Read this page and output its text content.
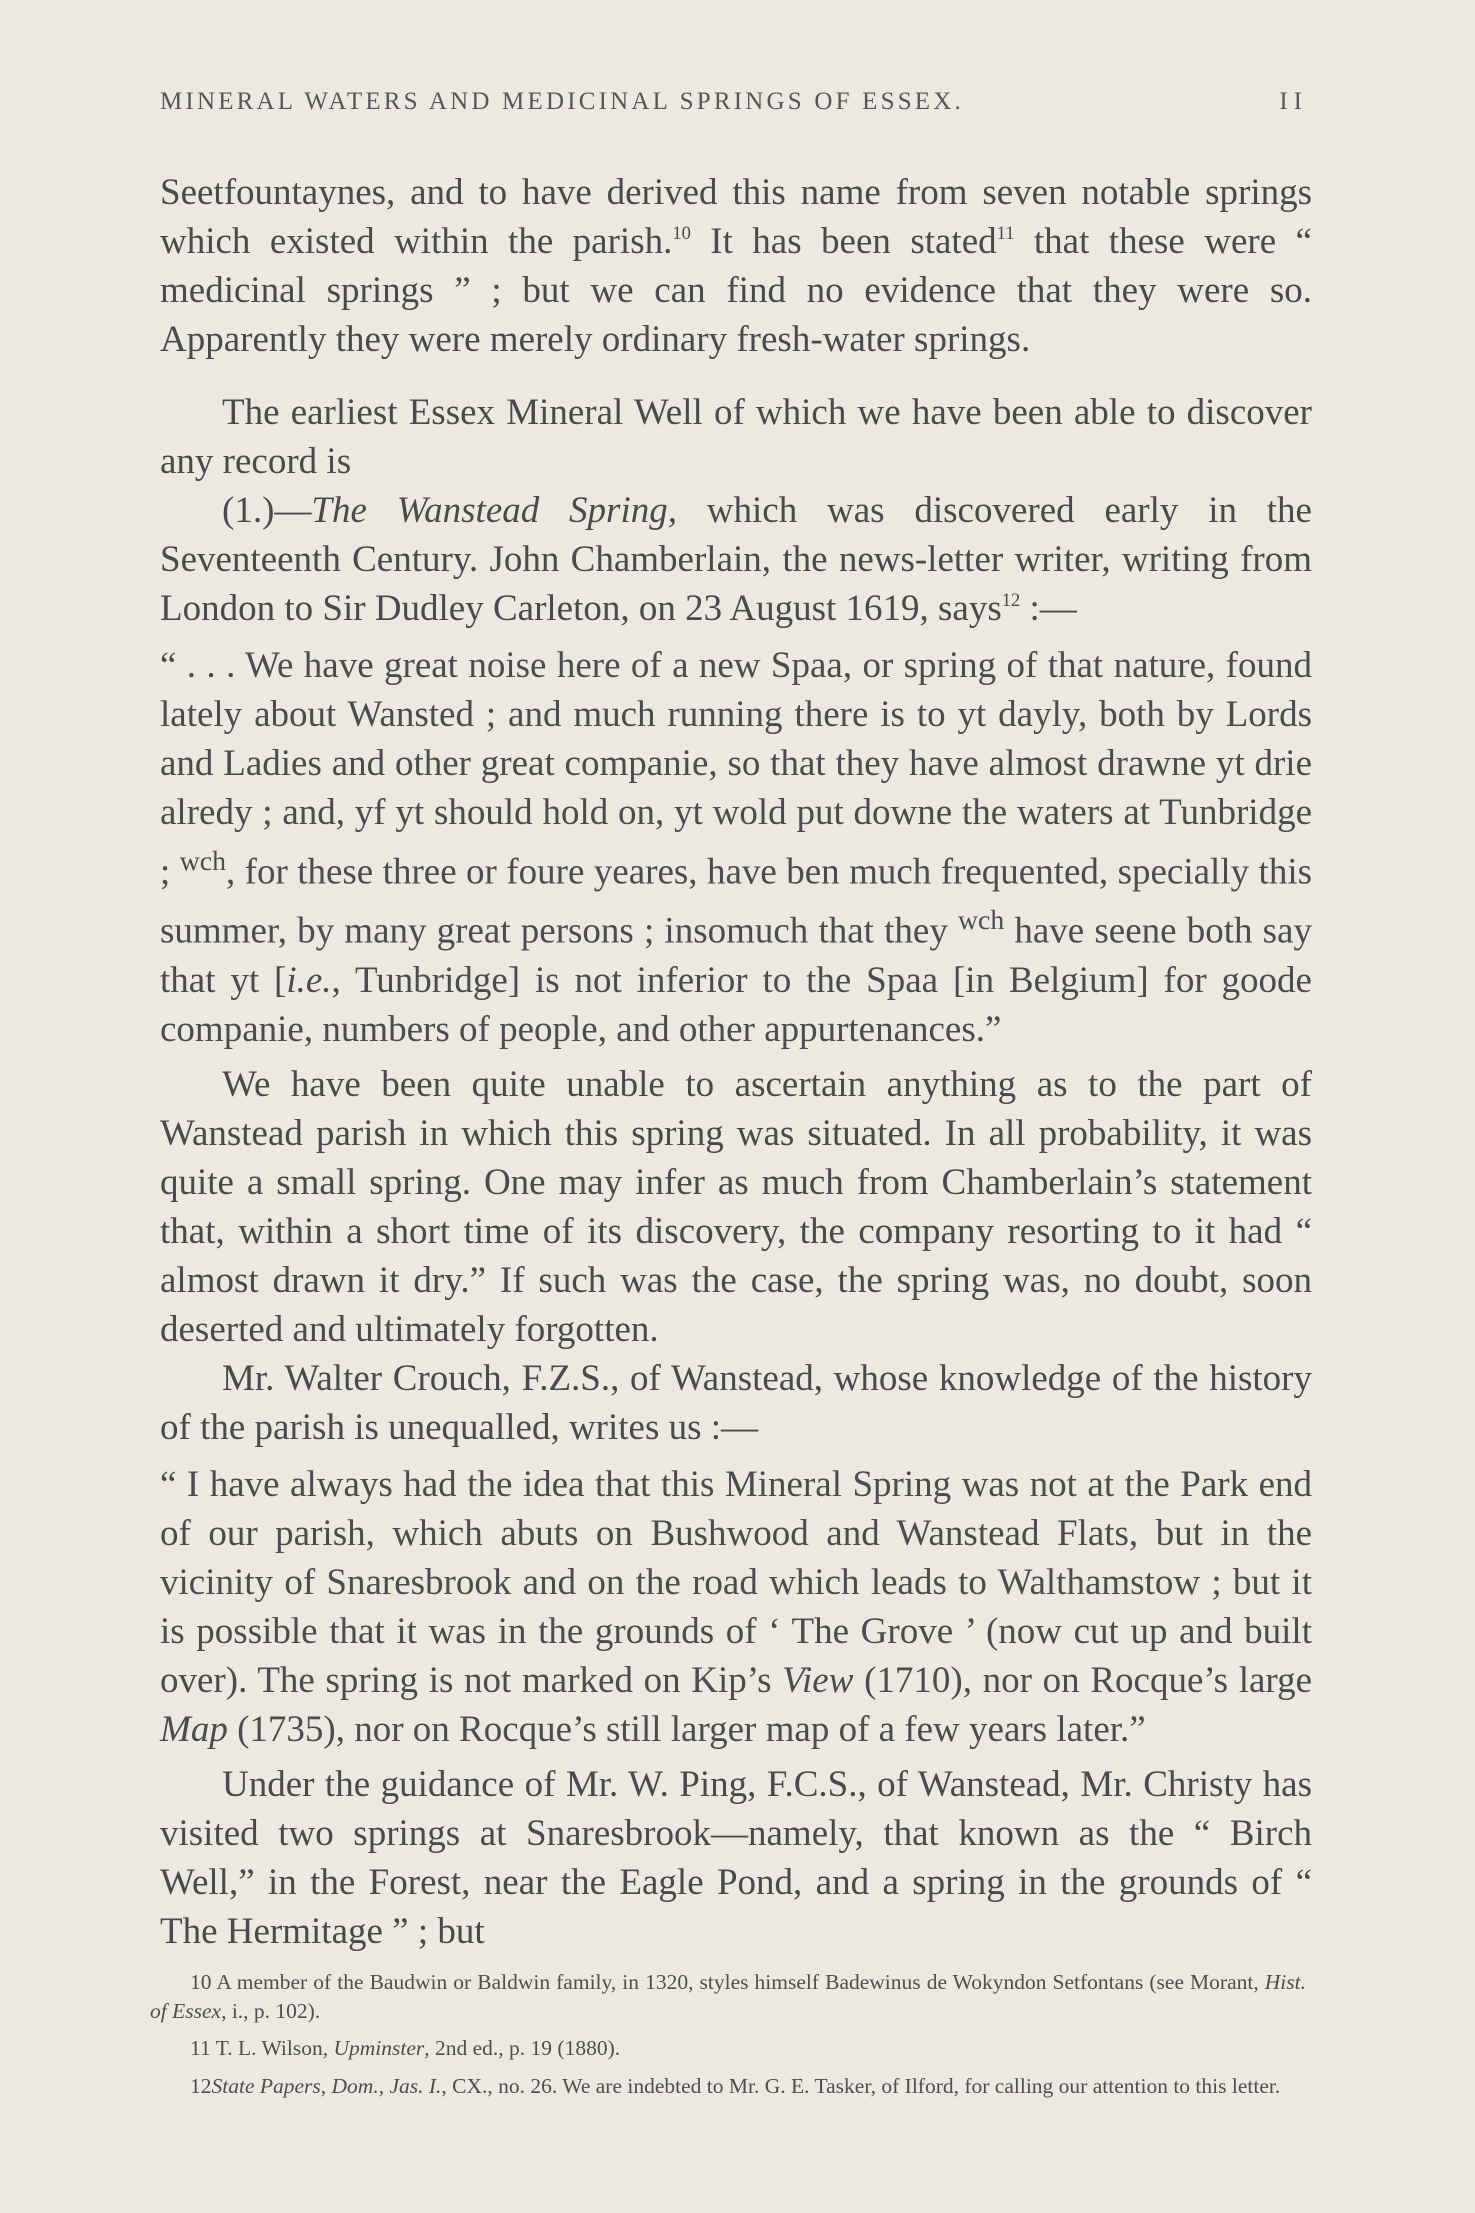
MINERAL WATERS AND MEDICINAL SPRINGS OF ESSEX.	II

Seetfountaynes, and to have derived this name from seven notable springs which existed within the parish.$^{10}$ It has been stated$^{11}$ that these were “ medicinal springs ” ; but we can find no evidence that they were so. Apparently they were merely ordinary fresh-water springs.

The earliest Essex Mineral Well of which we have been able to discover any record is

(1.)—The Wanstead Spring, which was discovered early in the Seventeenth Century. John Chamberlain, the news-letter writer, writing from London to Sir Dudley Carleton, on 23 August 1619, says$^{12}$ :—

“ . . . We have great noise here of a new Spaa, or spring of that nature, found lately about Wansted ; and much running there is to yt dayly, both by Lords and Ladies and other great companie, so that they have almost drawne yt drie alredy ; and, yf yt should hold on, yt wold put downe the waters at Tunbridge ; $^{wch}$, for these three or foure yeares, have ben much frequented, specially this summer, by many great persons ; insomuch that they $^{wch}$ have seene both say that yt [i.e., Tunbridge] is not inferior to the Spaa [in Belgium] for goode companie, numbers of people, and other appurtenances.”

We have been quite unable to ascertain anything as to the part of Wanstead parish in which this spring was situated. In all probability, it was quite a small spring. One may infer as much from Chamberlain’s statement that, within a short time of its discovery, the company resorting to it had “ almost drawn it dry.” If such was the case, the spring was, no doubt, soon deserted and ultimately forgotten.

Mr. Walter Crouch, F.Z.S., of Wanstead, whose knowledge of the history of the parish is unequalled, writes us :—

“ I have always had the idea that this Mineral Spring was not at the Park end of our parish, which abuts on Bushwood and Wanstead Flats, but in the vicinity of Snaresbrook and on the road which leads to Walthamstow ; but it is possible that it was in the grounds of ‘ The Grove ’ (now cut up and built over). The spring is not marked on Kip’s View (1710), nor on Rocque’s large Map (1735), nor on Rocque’s still larger map of a few years later.”

Under the guidance of Mr. W. Ping, F.C.S., of Wanstead, Mr. Christy has visited two springs at Snaresbrook—namely, that known as the “ Birch Well,” in the Forest, near the Eagle Pond, and a spring in the grounds of “ The Hermitage ” ; but

10 A member of the Baudwin or Baldwin family, in 1320, styles himself Badewinus de Wokyndon Setfontans (see Morant, Hist. of Essex, i., p. 102).

11 T. L. Wilson, Upminster, 2nd ed., p. 19 (1880).

12State Papers, Dom., Jas. I., CX., no. 26. We are indebted to Mr. G. E. Tasker, of Ilford, for calling our attention to this letter.
